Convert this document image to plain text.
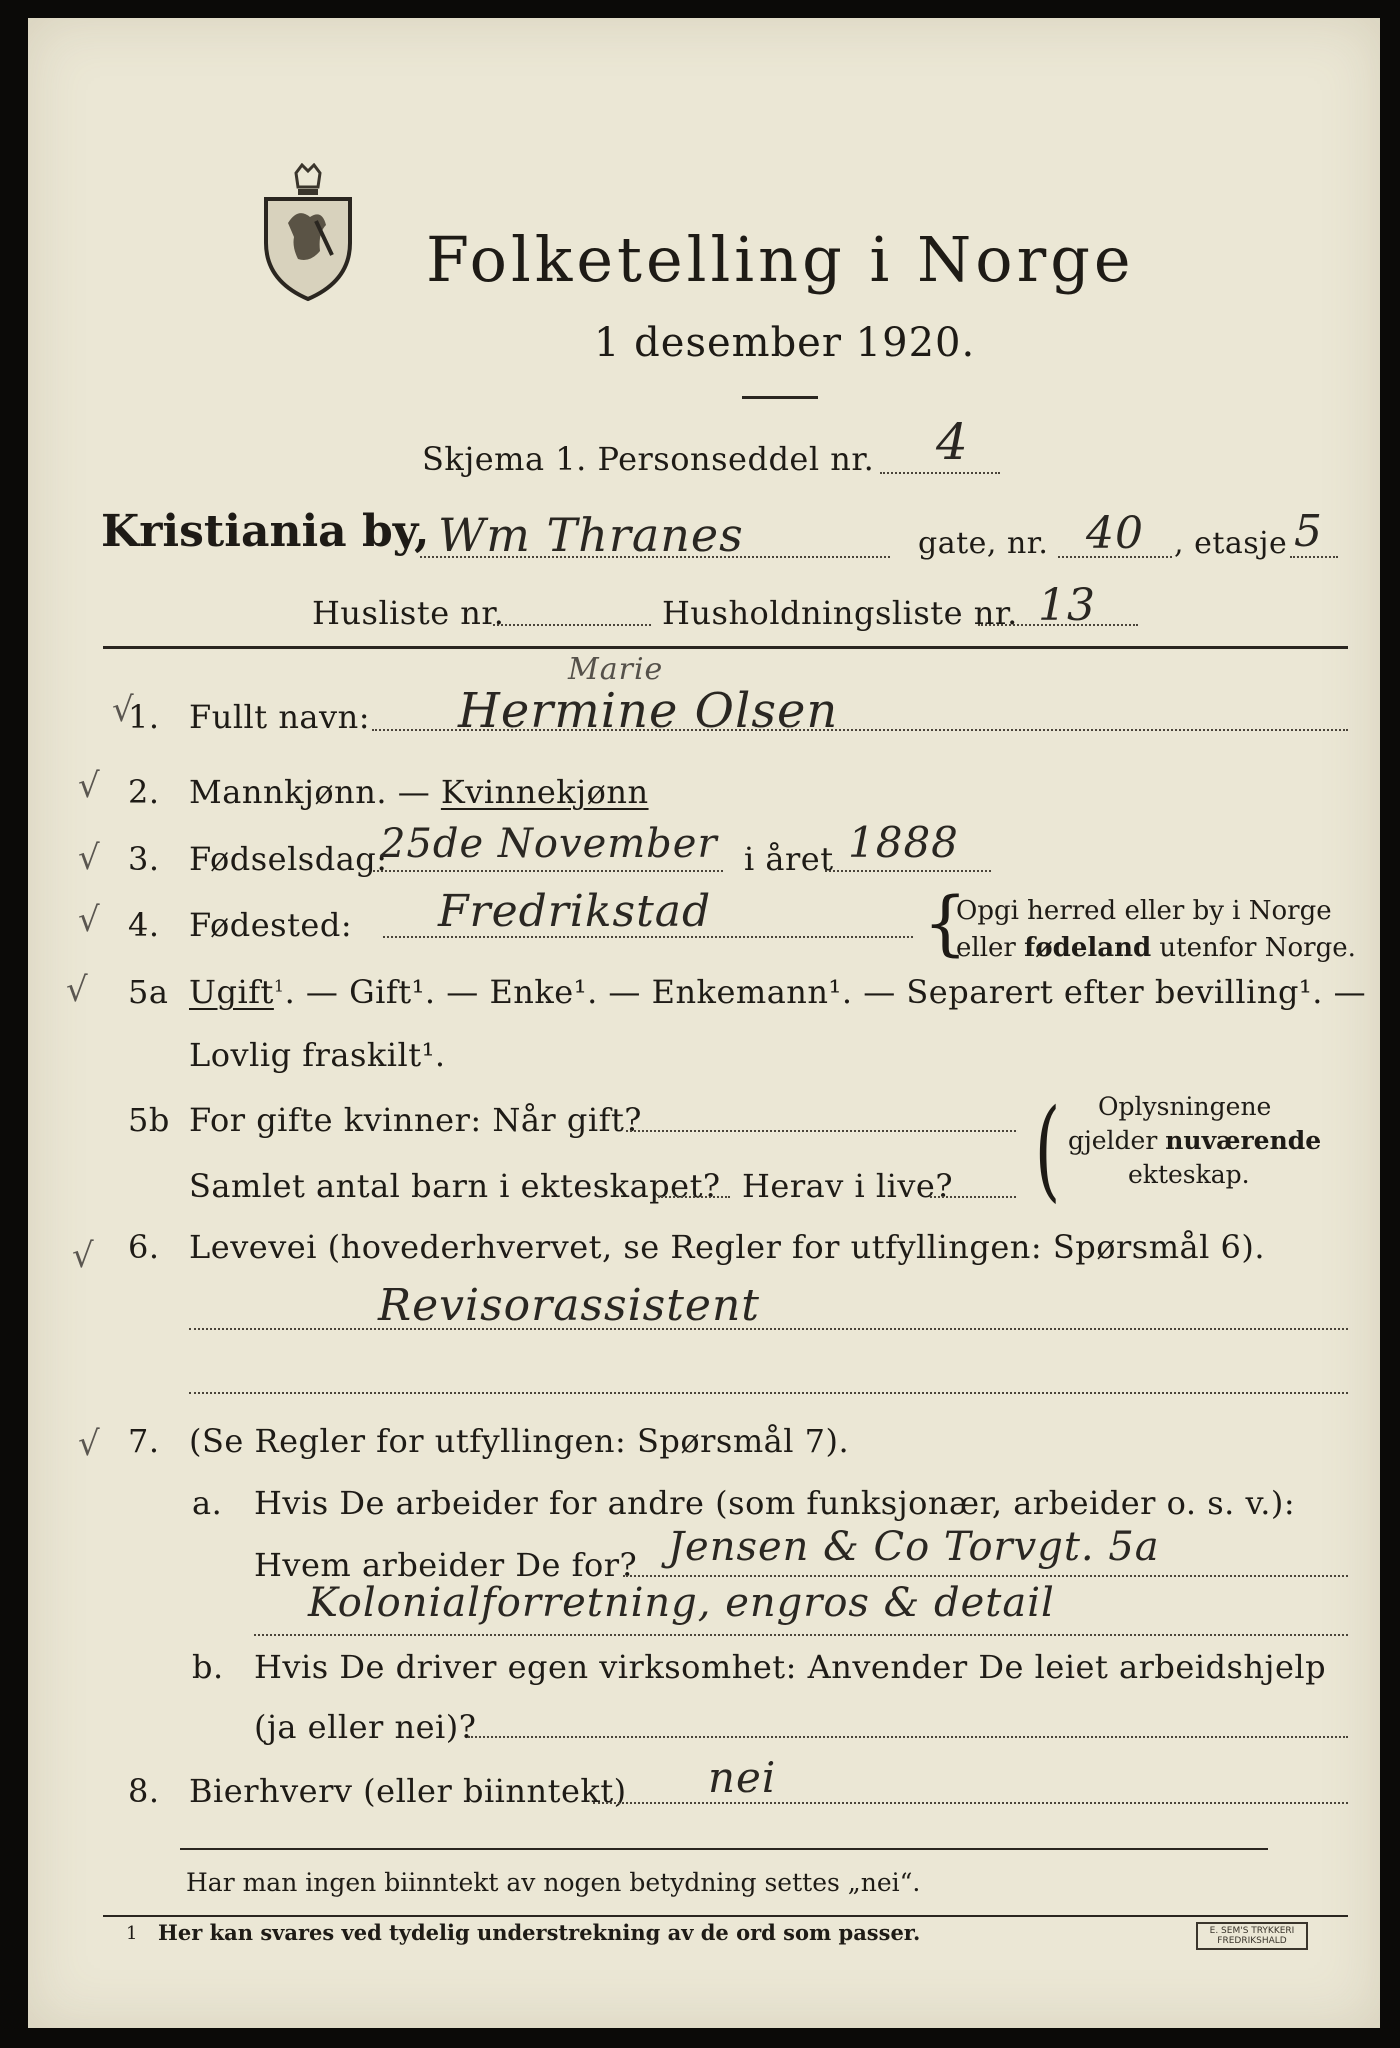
Folketelling i Norge
1 desember 1920.
Skjema 1. Personseddel nr. 4
Kristiania by, Wm Thranes	gate, nr. 40 , etasje 5
Husliste nr.	Husholdningsliste nr. 13
√
1. Fullt navn:
Marie
Hermine Olsen
√ 2. Mannkjønn. — Kvinnekjønn
√ 3. Fødselsdag:
25de November i året 1888
√ 4. Fødested: Fredrikstad	{
Opgi herred eller by i Norge
eller fødeland utenfor Norge.
√ 5a Ugift$^1$. — Gift¹. — Enke¹. — Enkemann¹. — Separert efter bevilling¹. —
Lovlig fraskilt¹.
5b For gifte kvinner: Når gift?
Samlet antal barn i ekteskapet? Herav i live? ( Oplysningene
gjelder nuværende
ekteskap.
√ 6. Levevei (hovederhvervet, se Regler for utfyllingen: Spørsmål 6).
Revisorassistent
√ 7. (Se Regler for utfyllingen: Spørsmål 7).
a. Hvis De arbeider for andre (som funksjonær, arbeider o. s. v.):
Hvem arbeider De for? Jensen & Co Torvgt. 5a
Kolonialforretning, engros & detail
b. Hvis De driver egen virksomhet: Anvender De leiet arbeidshjelp
(ja eller nei)?
8. Bierhverv (eller biinntekt) nei
Har man ingen biinntekt av nogen betydning settes „nei“.
1 Her kan svares ved tydelig understrekning av de ord som passer.	E. SEM'S TRYKKERI
FREDRIKSHALD
